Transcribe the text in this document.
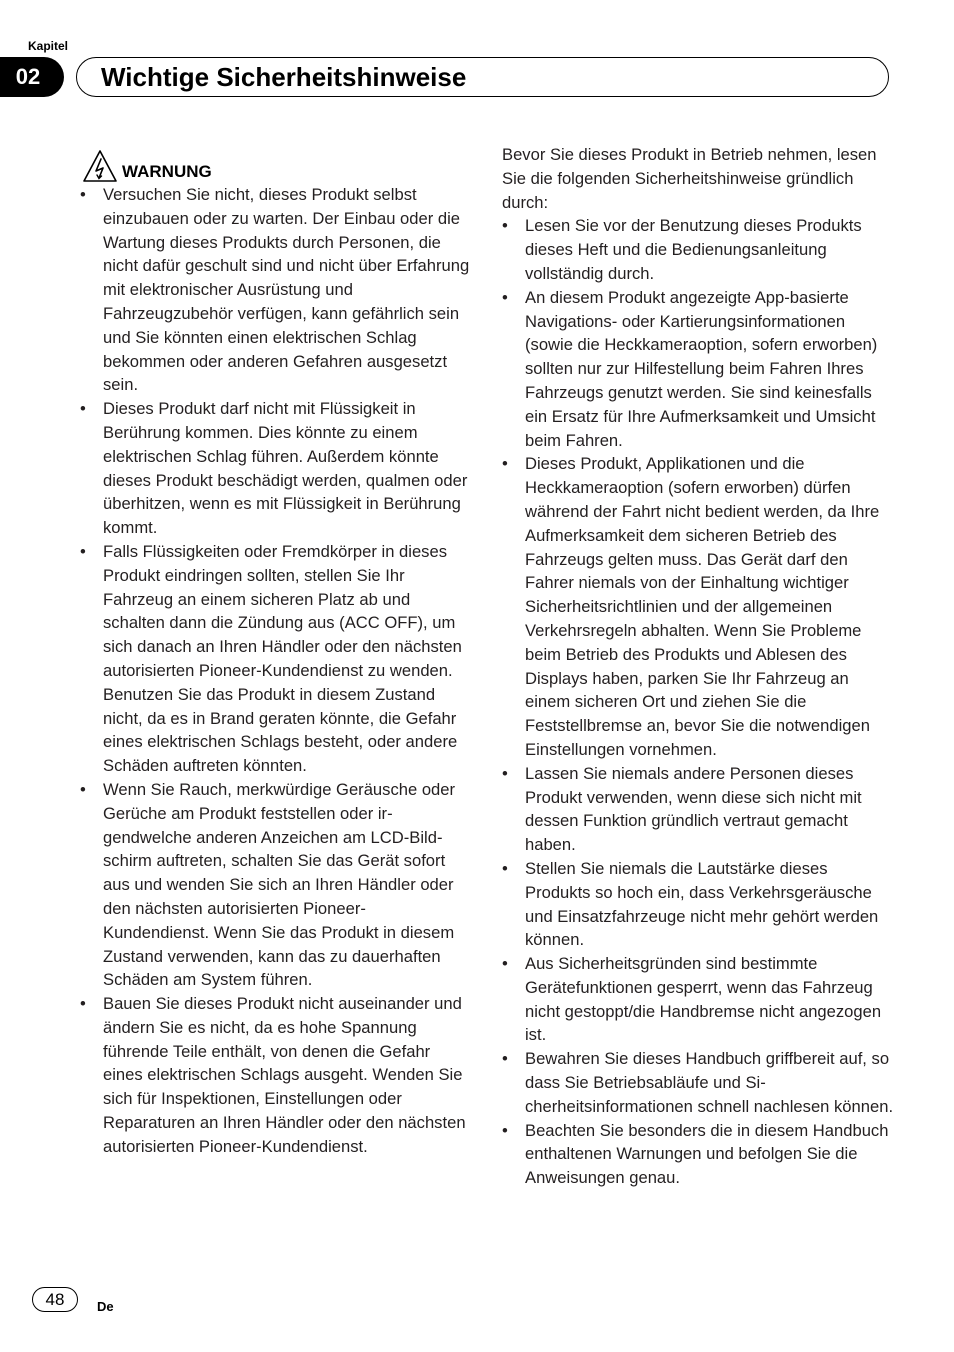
Kapitel
02	Wichtige Sicherheitshinweise
WARNUNG
• Versuchen Sie nicht, dieses Produkt selbst einzubauen oder zu warten. Der Einbau oder die Wartung dieses Produkts durch Personen, die nicht dafür geschult sind und nicht über Erfahrung mit elektronischer Ausrüstung und Fahrzeugzubehör verfügen, kann gefährlich sein und Sie könnten einen elektrischen Schlag bekommen oder anderen Gefahren ausgesetzt sein.
• Dieses Produkt darf nicht mit Flüssigkeit in Berührung kommen. Dies könnte zu einem elektrischen Schlag führen. Außerdem könnte dieses Produkt beschädigt werden, qualmen oder überhitzen, wenn es mit Flüssigkeit in Berührung kommt.
• Falls Flüssigkeiten oder Fremdkörper in dieses Produkt eindringen sollten, stellen Sie Ihr Fahrzeug an einem sicheren Platz ab und schalten dann die Zündung aus (ACC OFF), um sich danach an Ihren Händler oder den nächsten autorisierten Pioneer-Kundendienst zu wenden. Benutzen Sie das Produkt in diesem Zustand nicht, da es in Brand geraten könnte, die Gefahr eines elektrischen Schlags besteht, oder andere Schäden auftreten könnten.
• Wenn Sie Rauch, merkwürdige Geräusche oder Gerüche am Produkt feststellen oder irgendwelche anderen Anzeichen am LCD-Bildschirm auftreten, schalten Sie das Gerät sofort aus und wenden Sie sich an Ihren Händler oder den nächsten autorisierten Pioneer-Kundendienst. Wenn Sie das Produkt in diesem Zustand verwenden, kann das zu dauerhaften Schäden am System führen.
• Bauen Sie dieses Produkt nicht auseinander und ändern Sie es nicht, da es hohe Spannung führende Teile enthält, von denen die Gefahr eines elektrischen Schlags ausgeht. Wenden Sie sich für Inspektionen, Einstellungen oder Reparaturen an Ihren Händler oder den nächsten autorisierten Pioneer-Kundendienst.

Bevor Sie dieses Produkt in Betrieb nehmen, lesen Sie die folgenden Sicherheitshinweise gründlich durch:

• Lesen Sie vor der Benutzung dieses Produkts dieses Heft und die Bedienungsanleitung vollständig durch.
• An diesem Produkt angezeigte App-basierte Navigations- oder Kartierungsinformationen (sowie die Heckkameraoption, sofern erworben) sollten nur zur Hilfestellung beim Fahren Ihres Fahrzeugs genutzt werden. Sie sind keinesfalls ein Ersatz für Ihre Aufmerksamkeit und Umsicht beim Fahren.
• Dieses Produkt, Applikationen und die Heckkameraoption (sofern erworben) dürfen während der Fahrt nicht bedient werden, da Ihre Aufmerksamkeit dem sicheren Betrieb des Fahrzeugs gelten muss. Das Gerät darf den Fahrer niemals von der Einhaltung wichtiger Sicherheitsrichtlinien und der allgemeinen Verkehrsregeln abhalten. Wenn Sie Probleme beim Betrieb des Produkts und Ablesen des Displays haben, parken Sie Ihr Fahrzeug an einem sicheren Ort und ziehen Sie die Feststellbremse an, bevor Sie die notwendigen Einstellungen vornehmen.
• Lassen Sie niemals andere Personen dieses Produkt verwenden, wenn diese sich nicht mit dessen Funktion gründlich vertraut gemacht haben.
• Stellen Sie niemals die Lautstärke dieses Produkts so hoch ein, dass Verkehrsgeräusche und Einsatzfahrzeuge nicht mehr gehört werden können.
• Aus Sicherheitsgründen sind bestimmte Gerätefunktionen gesperrt, wenn das Fahrzeug nicht gestoppt/die Handbremse nicht angezogen ist.
• Bewahren Sie dieses Handbuch griffbereit auf, so dass Sie Betriebsabläufe und Sicherheitsinformationen schnell nachlesen können.
• Beachten Sie besonders die in diesem Handbuch enthaltenen Warnungen und befolgen Sie die Anweisungen genau.
48	De
